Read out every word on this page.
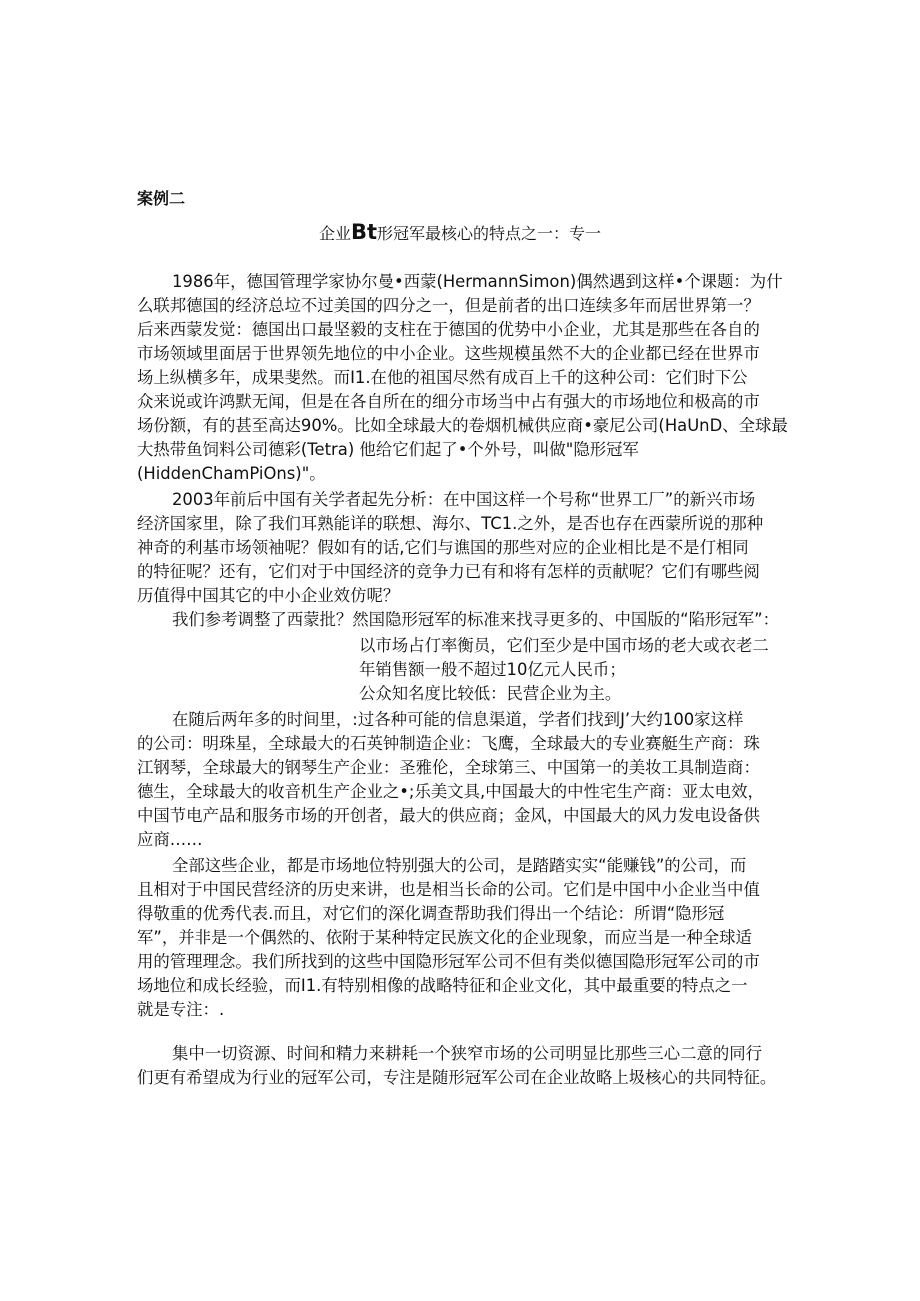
案例二

企业Bt形冠军最核心的特点之一：专一

1986年，德国管理学家协尔曼•西蒙(HermannSimon)偶然遇到这样•个课题：为什

么联邦德国的经济总垃不过美国的四分之一，但是前者的出口连续多年而居世界第一？

后来西蒙发觉：德国出口最坚毅的支柱在于德国的优势中小企业，尤其是那些在各自的

市场领域里面居于世界领先地位的中小企业。这些规模虽然不大的企业都已经在世界市

场上纵横多年，成果斐然。而I1.在他的祖国尽然有成百上千的这种公司：它们时下公

众来说或许鸿默无闻，但是在各自所在的细分市场当中占有强大的市场地位和极高的市

场份额，有的甚至高达90%。比如全球最大的卷烟机械供应商•豪尼公司(HaUnD、全球最

大热带鱼饲料公司德彩(Tetra) 他给它们起了•个外号，叫做"隐形冠军

(HiddenChamPiOns)"。

2003年前后中国有关学者起先分析：在中国这样一个号称“世界工厂”的新兴市场

经济国家里，除了我们耳熟能详的联想、海尔、TC1.之外，是否也存在西蒙所说的那种

神奇的利基市场领袖呢？假如有的话,它们与谯国的那些对应的企业相比是不是仃相同

的特征呢？还有，它们对于中国经济的竞争力已有和将有怎样的贡献呢？它们有哪些阅

历值得中国其它的中小企业效仿呢？

我们参考调整了西蒙批？然国隐形冠军的标准来找寻更多的、中国版的“陷形冠军”：

以市场占仃率衡员，它们至少是中国市场的老大或衣老二

年销售额一般不超过10亿元人民币；

公众知名度比较低：民营企业为主。

在随后两年多的时间里，:过各种可能的信息渠道，学者们找到J’大约100家这样

的公司：明珠星，全球最大的石英钟制造企业：飞鹰，全球最大的专业赛艇生产商：珠

江钢琴，全球最大的钢琴生产企业：圣雅伦，全球第三、中国第一的美妆工具制造商：

德生，全球最大的收音机生产企业之•;乐美文具,中国最大的中性宅生产商：亚太电效，

中国节电产品和服务市场的开创者，最大的供应商；金风，中国最大的风力发电设备供

应商……

全部这些企业，都是市场地位特别强大的公司，是踏踏实实“能赚钱”的公司，而

且相对于中国民营经济的历史来讲，也是相当长命的公司。它们是中国中小企业当中值

得敬重的优秀代表.而且，对它们的深化调查帮助我们得出一个结论：所谓“隐形冠

军”，并非是一个偶然的、依附于某种特定民族文化的企业现象，而应当是一种全球适

用的管理理念。我们所找到的这些中国隐形冠军公司不但有类似德国隐形冠军公司的市

场地位和成长经验，而I1.有特别相像的战略特征和企业文化，其中最重要的特点之一

就是专注：.

集中一切资源、时间和精力来耕耗一个狭窄市场的公司明显比那些三心二意的同行

们更有希望成为行业的冠军公司，专注是随形冠军公司在企业故略上圾核心的共同特征。
